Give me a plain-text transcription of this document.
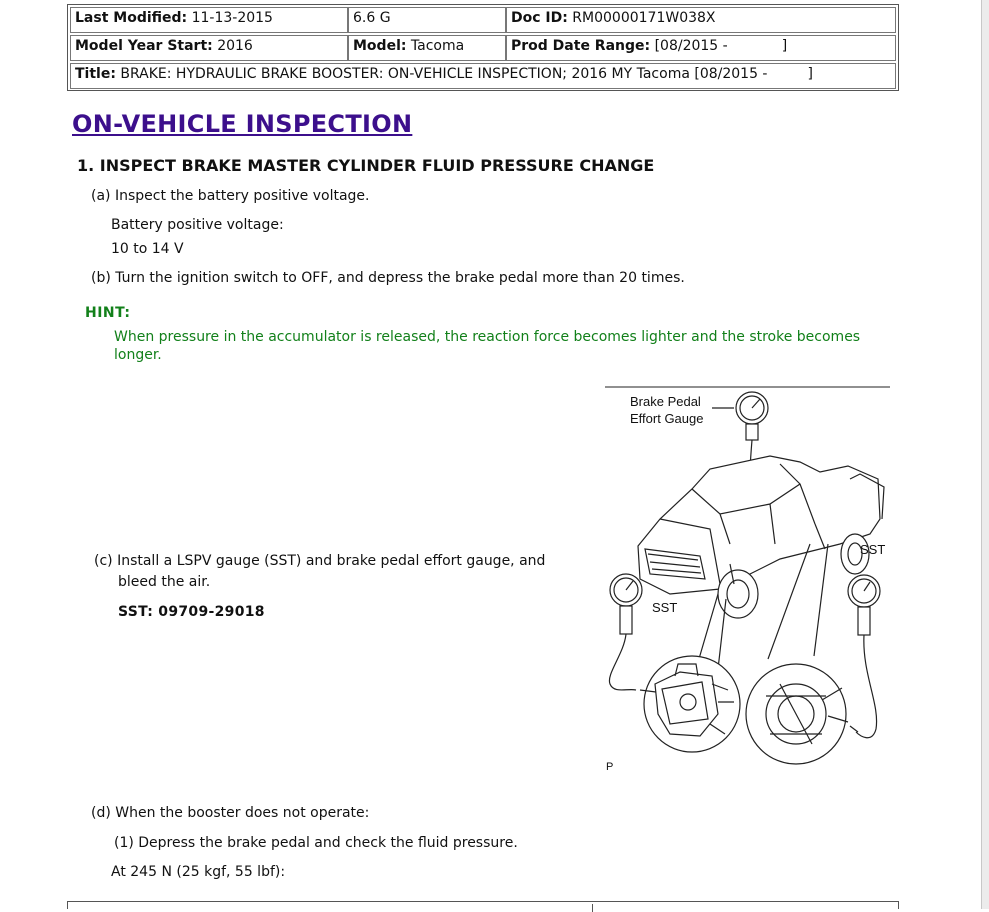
Last Modified: 11-13-2015	6.6 G	Doc ID: RM00000171W038X
Model Year Start: 2016	Model: Tacoma	Prod Date Range: [08/2015 -	]
Title: BRAKE: HYDRAULIC BRAKE BOOSTER: ON-VEHICLE INSPECTION; 2016 MY Tacoma [08/2015 -	]
ON-VEHICLE INSPECTION
1. INSPECT BRAKE MASTER CYLINDER FLUID PRESSURE CHANGE
(a) Inspect the battery positive voltage.
Battery positive voltage:
10 to 14 V
(b) Turn the ignition switch to OFF, and depress the brake pedal more than 20 times.
HINT:
When pressure in the accumulator is released, the reaction force becomes lighter and the stroke becomes longer.
(c) Install a LSPV gauge (SST) and brake pedal effort gauge, and
bleed the air.
SST: 09709-29018
(d) When the booster does not operate:
(1) Depress the brake pedal and check the fluid pressure.
At 245 N (25 kgf, 55 lbf):
Brake Pedal
Effort Gauge
SST
SST
P
